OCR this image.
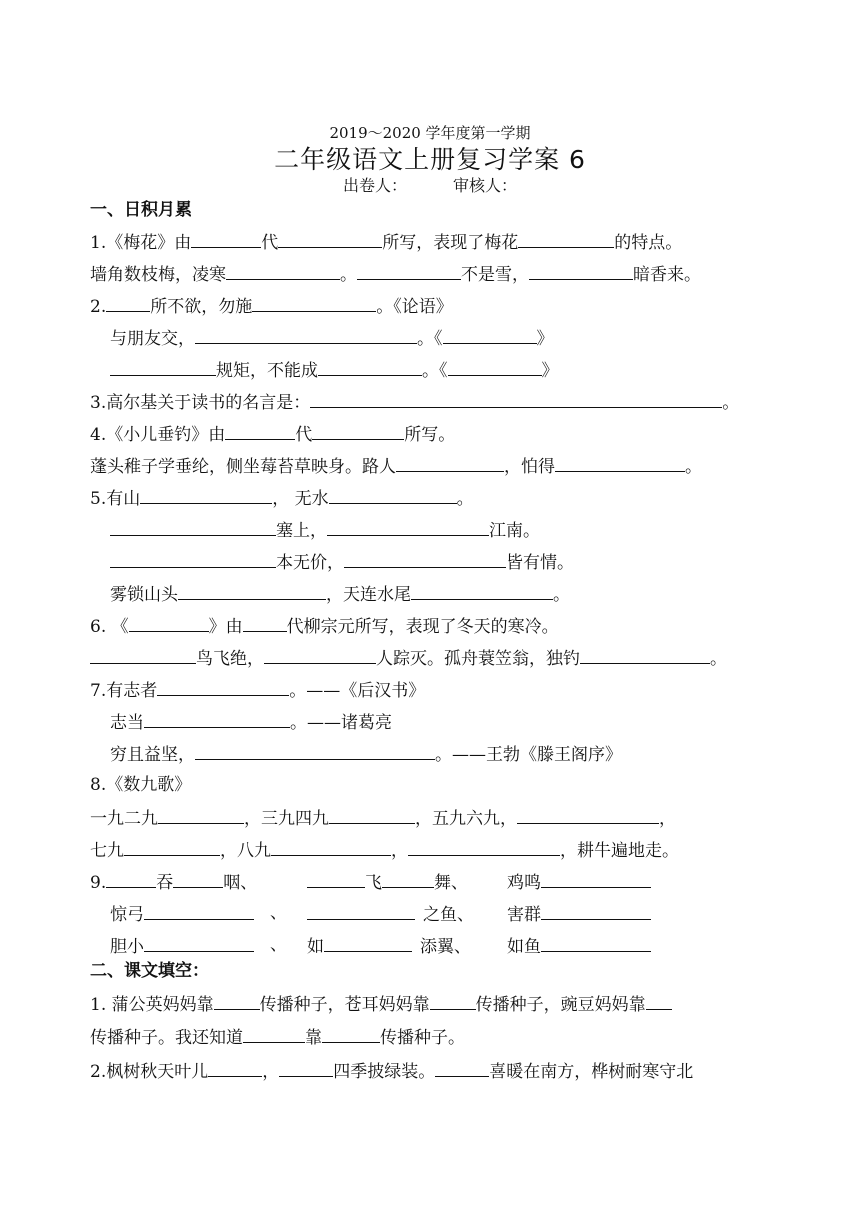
2019～2020 学年度第一学期
二年级语文上册复习学案 6
出卷人：	审核人：
一、日积月累
1.《梅花》由	代	所写，表现了梅花	的特点。
墙角数枝梅，凌寒	。	不是雪，	暗香来。
2.	所不欲，勿施	。《论语》
与朋友交，	。《	》
规矩，不能成	。《	》
3.高尔基关于读书的名言是：	。
4.《小儿垂钓》由	代	所写。
蓬头稚子学垂纶，侧坐莓苔草映身。路人	，怕得	。
5.有山	， 无水	。
塞上，	江南。
本无价，	皆有情。
雾锁山头	，天连水尾	。
6. 《	》由	代柳宗元所写，表现了冬天的寒冷。
鸟飞绝，	人踪灭。孤舟蓑笠翁，独钓	。
7.有志者	。——《后汉书》
志当	。——诸葛亮
穷且益坚，	。——王勃《滕王阁序》
8.《数九歌》
一九二九	，三九四九	，五九六九，	，
七九	，八九	，	，耕牛遍地走。
9.	吞	咽、	飞	舞、 鸡鸣
惊弓	、	之鱼、 害群
胆小	、 如	添翼、 如鱼
二、课文填空：
1. 蒲公英妈妈靠	传播种子，苍耳妈妈靠	传播种子，豌豆妈妈靠
传播种子。我还知道	靠	传播种子。
2.枫树秋天叶儿	，	四季披绿装。	喜暖在南方，桦树耐寒守北
